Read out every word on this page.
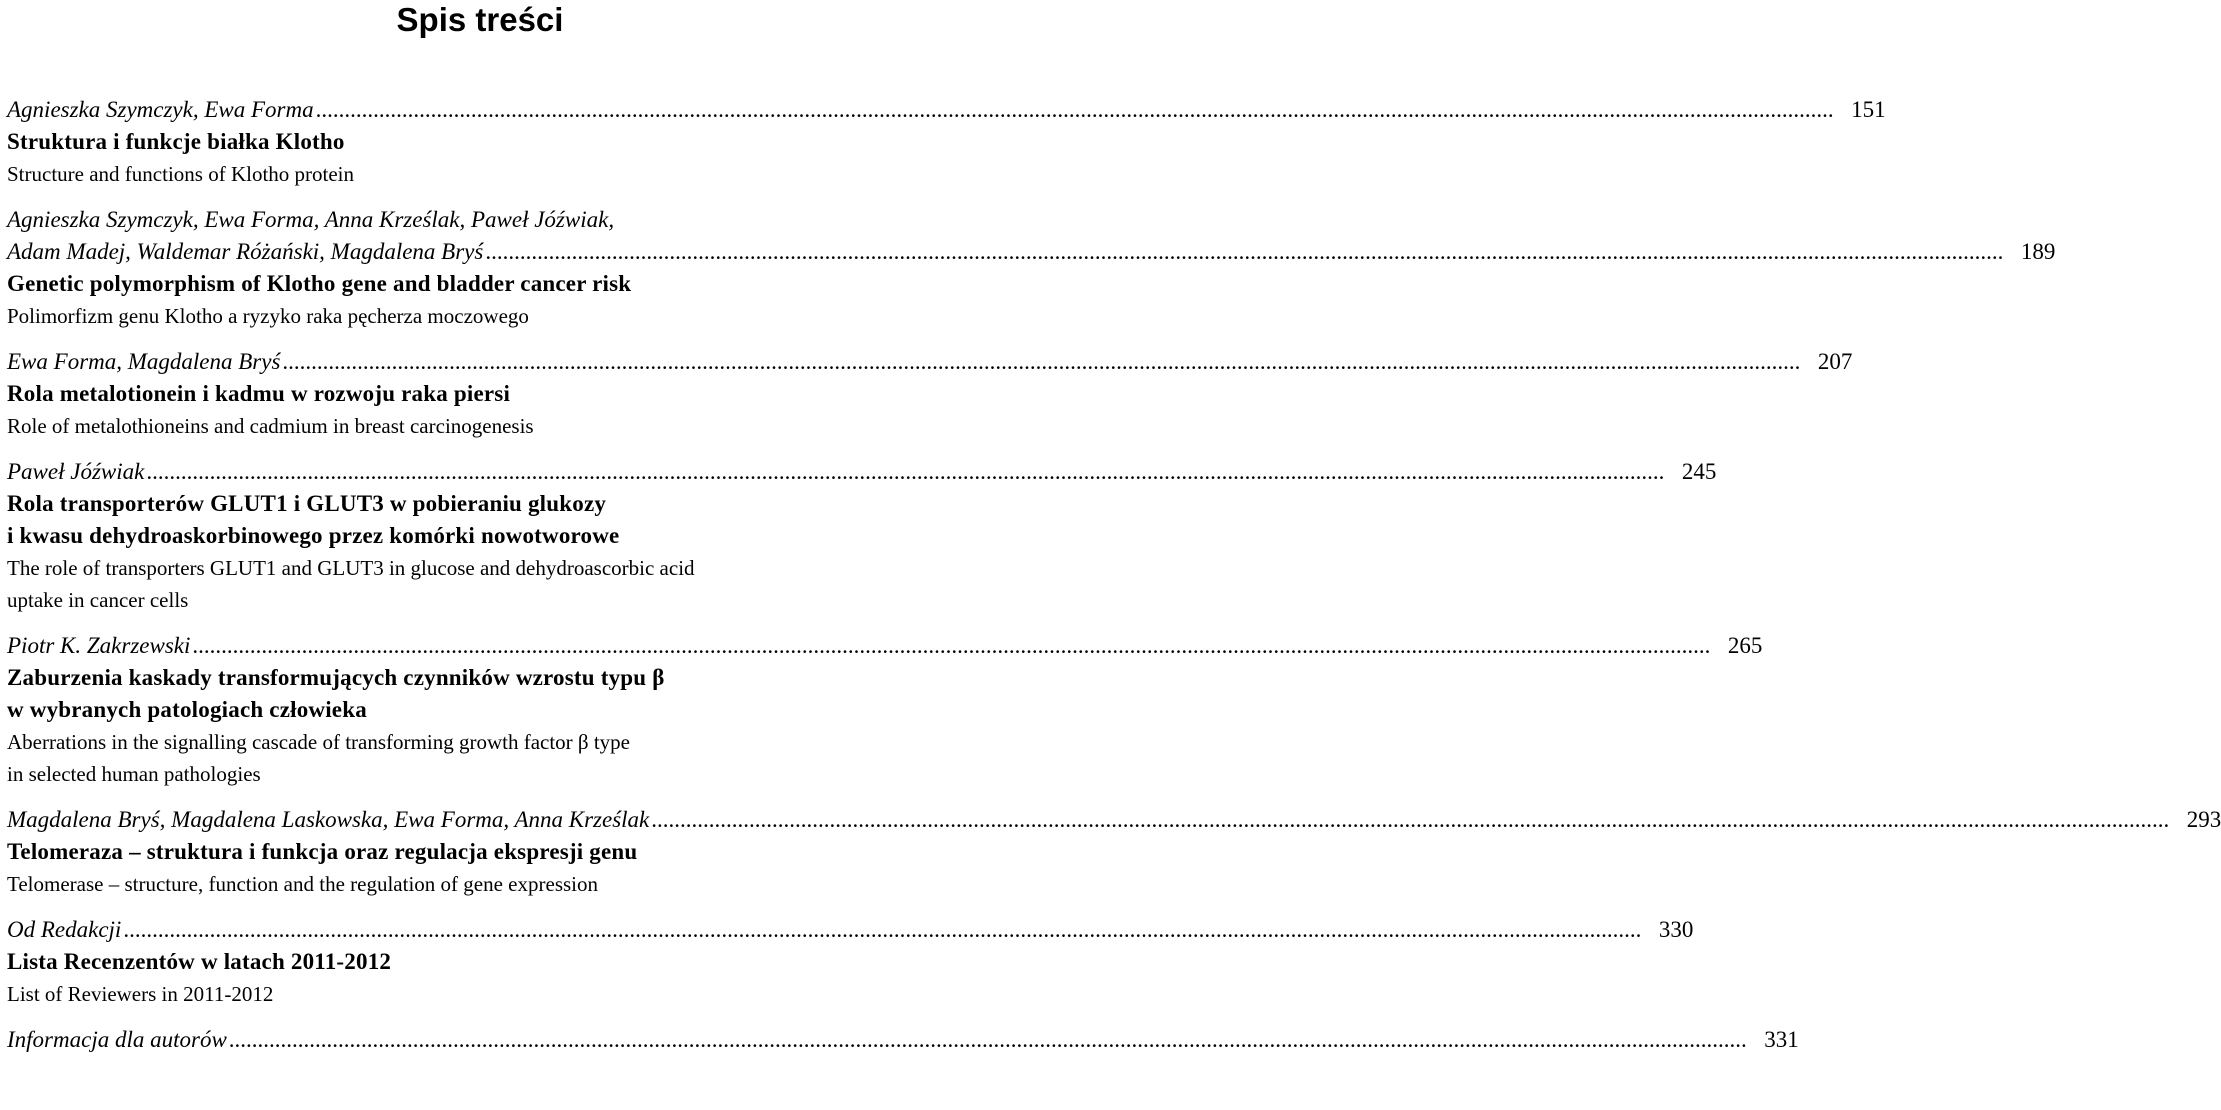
Spis treści
Agnieszka Szymczyk, Ewa Forma ........................................................................................................................................................................................................................................................................ 151
Struktura i funkcje białka Klotho
Structure and functions of Klotho protein
Agnieszka Szymczyk, Ewa Forma, Anna Krześlak, Paweł Jóźwiak,
Adam Madej, Waldemar Różański, Magdalena Bryś ........................................................................................................................................................................................................................................................................ 189
Genetic polymorphism of Klotho gene and bladder cancer risk
Polimorfizm genu Klotho a ryzyko raka pęcherza moczowego
Ewa Forma, Magdalena Bryś ........................................................................................................................................................................................................................................................................ 207
Rola metalotionein i kadmu w rozwoju raka piersi
Role of metalothioneins and cadmium in breast carcinogenesis
Paweł Jóźwiak ........................................................................................................................................................................................................................................................................ 245
Rola transporterów GLUT1 i GLUT3 w pobieraniu glukozy
i kwasu dehydroaskorbinowego przez komórki nowotworowe
The role of transporters GLUT1 and GLUT3 in glucose and dehydroascorbic acid
uptake in cancer cells
Piotr K. Zakrzewski ........................................................................................................................................................................................................................................................................ 265
Zaburzenia kaskady transformujących czynników wzrostu typu β
w wybranych patologiach człowieka
Aberrations in the signalling cascade of transforming growth factor β type
in selected human pathologies
Magdalena Bryś, Magdalena Laskowska, Ewa Forma, Anna Krześlak ........................................................................................................................................................................................................................................................................ 293
Telomeraza – struktura i funkcja oraz regulacja ekspresji genu
Telomerase – structure, function and the regulation of gene expression
Od Redakcji ........................................................................................................................................................................................................................................................................ 330
Lista Recenzentów w latach 2011-2012
List of Reviewers in 2011-2012
Informacja dla autorów ........................................................................................................................................................................................................................................................................ 331
